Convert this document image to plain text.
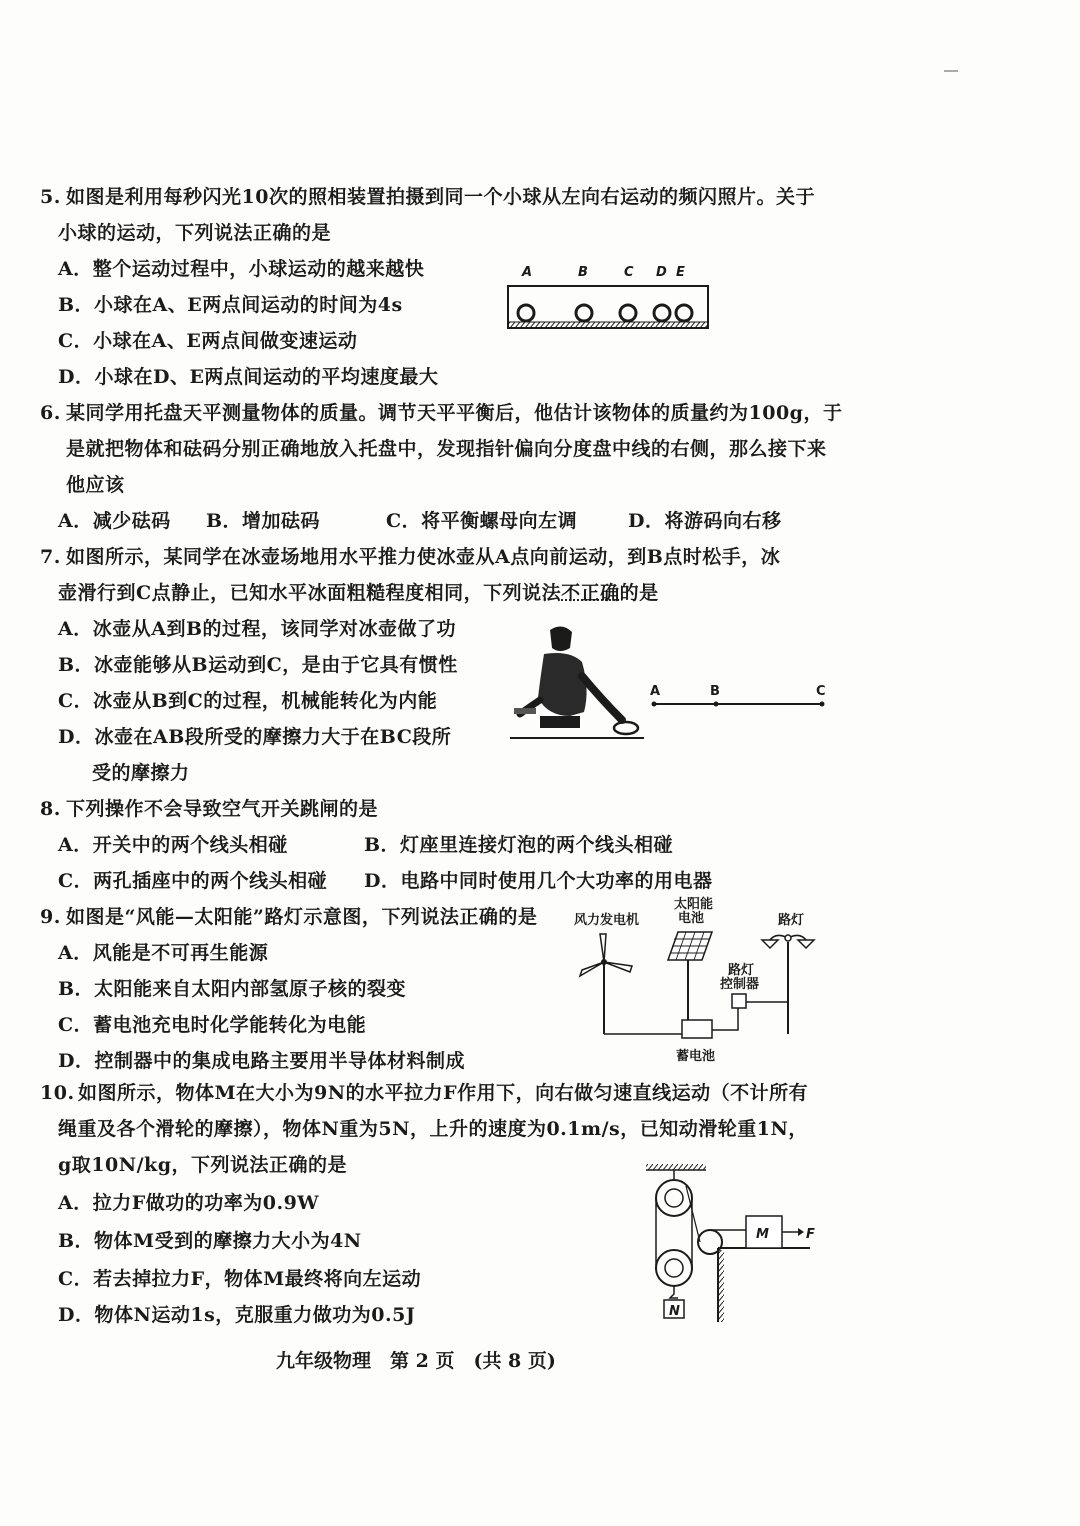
5. 如图是利用每秒闪光10次的照相装置拍摄到同一个小球从左向右运动的频闪照片。关于
小球的运动，下列说法正确的是
A．整个运动过程中，小球运动的越来越快
B．小球在A、E两点间运动的时间为4s
C．小球在A、E两点间做变速运动
D．小球在D、E两点间运动的平均速度最大
A	B	C D E
6. 某同学用托盘天平测量物体的质量。调节天平平衡后，他估计该物体的质量约为100g，于
是就把物体和砝码分别正确地放入托盘中，发现指针偏向分度盘中线的右侧，那么接下来
他应该
A．减少砝码 B．增加砝码	C．将平衡螺母向左调	D．将游码向右移
7. 如图所示，某同学在冰壶场地用水平推力使冰壶从A点向前运动，到B点时松手，冰
壶滑行到C点静止，已知水平冰面粗糙程度相同，下列说法不正确的是
A．冰壶从A到B的过程，该同学对冰壶做了功
B．冰壶能够从B运动到C，是由于它具有惯性
C．冰壶从B到C的过程，机械能转化为内能
D．冰壶在AB段所受的摩擦力大于在BC段所
受的摩擦力
A	B	C
8. 下列操作不会导致空气开关跳闸的是
A．开关中的两个线头相碰	B．灯座里连接灯泡的两个线头相碰
C．两孔插座中的两个线头相碰 D．电路中同时使用几个大功率的用电器
9. 如图是“风能—太阳能”路灯示意图，下列说法正确的是
A．风能是不可再生能源
B．太阳能来自太阳内部氢原子核的裂变
C．蓄电池充电时化学能转化为电能
D．控制器中的集成电路主要用半导体材料制成
风力发电机
太阳能
电池	路灯
路灯
控制器
蓄电池
10. 如图所示，物体M在大小为9N的水平拉力F作用下，向右做匀速直线运动（不计所有
绳重及各个滑轮的摩擦），物体N重为5N，上升的速度为0.1m/s，已知动滑轮重1N，
g取10N/kg，下列说法正确的是
A．拉力F做功的功率为0.9W
B．物体M受到的摩擦力大小为4N
C．若去掉拉力F，物体M最终将向左运动
D．物体N运动1s，克服重力做功为0.5J	N
M	F
九年级物理　第 2 页　(共 8 页)
